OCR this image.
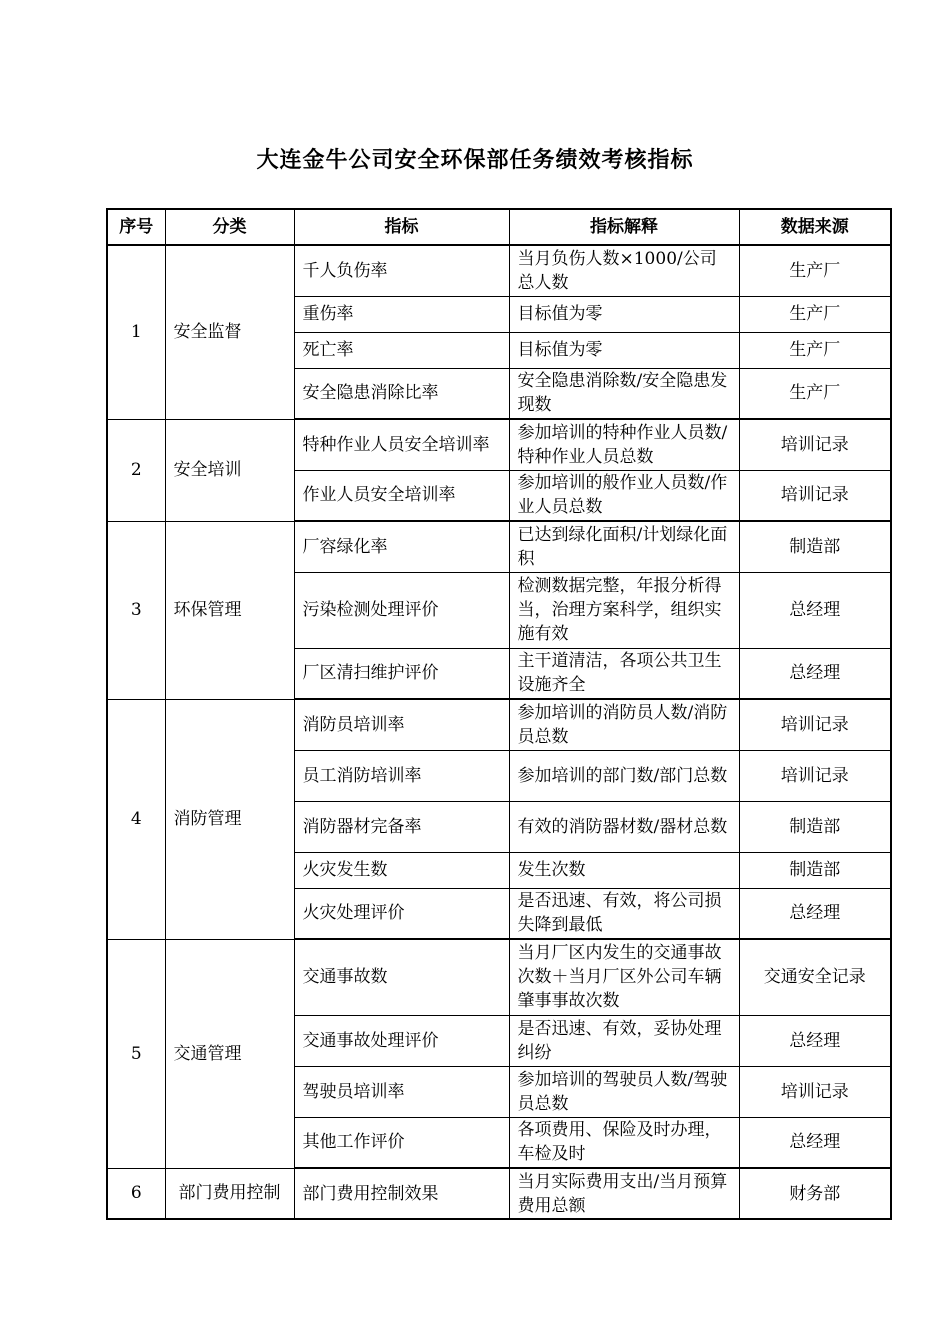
大连金牛公司安全环保部任务绩效考核指标
序号	分类	指标	指标解释	数据来源
1	安全监督	千人负伤率	当月负伤人数×1000/公司总人数	生产厂
		重伤率	目标值为零	生产厂
		死亡率	目标值为零	生产厂
		安全隐患消除比率	安全隐患消除数/安全隐患发现数	生产厂
2	安全培训	特种作业人员安全培训率	参加培训的特种作业人员数/特种作业人员总数	培训记录
		作业人员安全培训率	参加培训的般作业人员数/作业人员总数	培训记录
3	环保管理	厂容绿化率	已达到绿化面积/计划绿化面积	制造部
		污染检测处理评价	检测数据完整，年报分析得当，治理方案科学，组织实施有效	总经理
		厂区清扫维护评价	主干道清洁，各项公共卫生设施齐全	总经理
4	消防管理	消防员培训率	参加培训的消防员人数/消防员总数	培训记录
		员工消防培训率	参加培训的部门数/部门总数	培训记录
		消防器材完备率	有效的消防器材数/器材总数	制造部
		火灾发生数	发生次数	制造部
		火灾处理评价	是否迅速、有效，将公司损失降到最低	总经理
5	交通管理	交通事故数	当月厂区内发生的交通事故次数＋当月厂区外公司车辆肇事事故次数	交通安全记录
		交通事故处理评价	是否迅速、有效，妥协处理纠纷	总经理
		驾驶员培训率	参加培训的驾驶员人数/驾驶员总数	培训记录
		其他工作评价	各项费用、保险及时办理，车检及时	总经理
6	部门费用控制	部门费用控制效果	当月实际费用支出/当月预算费用总额	财务部
